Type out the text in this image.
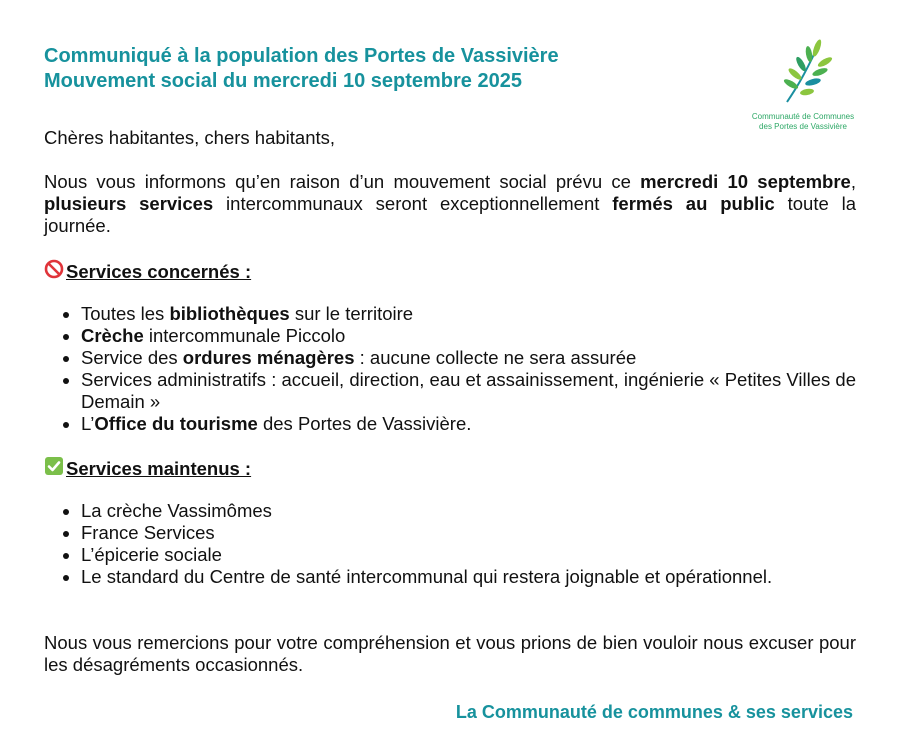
Communiqué à la population des Portes de Vassivière

Mouvement social du mercredi 10 septembre 2025

Communauté de Communes
des Portes de Vassivière
Chères habitantes, chers habitants,

Nous vous informons qu’en raison d’un mouvement social prévu ce mercredi 10 septembre, plusieurs services intercommunaux seront exceptionnellement fermés au public toute la journée.

Services concernés :
• Toutes les bibliothèques sur le territoire
• Crèche intercommunale Piccolo
• Service des ordures ménagères : aucune collecte ne sera assurée
• Services administratifs : accueil, direction, eau et assainissement, ingénierie « Petites Villes de Demain »
• L’Office du tourisme des Portes de Vassivière.
Services maintenus :
• La crèche Vassimômes
• France Services
• L’épicerie sociale
• Le standard du Centre de santé intercommunal qui restera joignable et opérationnel.

Nous vous remercions pour votre compréhension et vous prions de bien vouloir nous excuser pour les désagréments occasionnés.

La Communauté de communes & ses services
